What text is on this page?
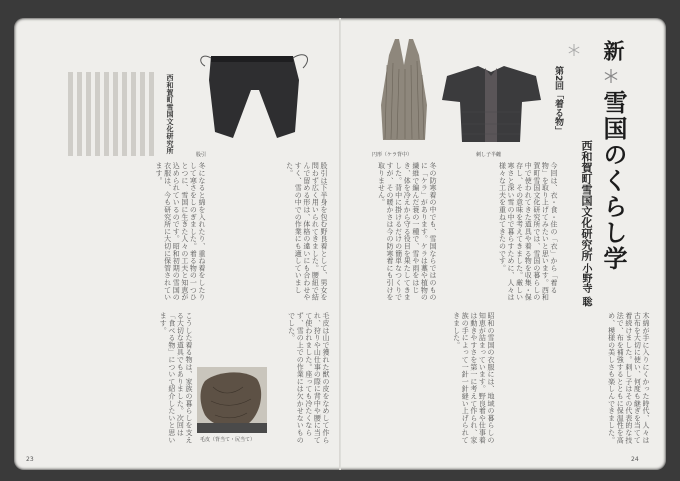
新
雪国のくらし学
西和賀町雪国文化研究所
小野寺 聡
第2回「着る物」
円形（ケラ背中）	刺し子半纏
今回は、衣・食・住の「衣」から「着る物」を取り上げてみたいと思います。西和賀町雪国文化研究所では、雪国の暮らしの中で使われてきた道具や着る物を収集・保存し、その意味を考えてきました。厳しい寒さと深い雪の中で暮らすために、人々は様々な工夫を重ねてきたのです。
冬の防寒着の中でも、雪国ならではのものに「ケラ」があります。ケラは藁や植物の繊維で編んだ蓑の一種で、雪や雨をはじき、体を冷えから守る役目を果たしてきました。背中に掛けるだけの簡単なつくりですが、その暖かさは今の防寒着にも引けを取りません。
木綿が手に入りにくかった時代、人々は古布を大切に使い、何度も継ぎを当てて着続けました。刺し子はその代表的な技法で、布を補強するとともに保温性を高め、模様の美しさも楽しんできました。
昭和の雪国の衣服には、地域の暮らしの知恵が詰まっています。野良着や仕事着は動きやすさを第一に考えて作られ、家族の手によって一針一針縫い上げられてきました。
24
西和賀町雪国文化研究所
股引
股引は下半身を包む野良着として、男女を問わず広く用いられてきました。腰紐で結んで留める形は、体格の違いにも合わせやすく、雪の中での作業にも適していました。
冬になると綿を入れたり、重ね着をしたりして寒さをしのぎました。着る物の一つひとつに、雪国に生きた人々の工夫と知恵が込められているのです。昭和初期の雪国の衣服は、今も研究所に大切に保管されています。
毛皮は山で獲れた獣の皮をなめして作られ、狩りや山仕事の際に背中や腰に当てて使われました。座っても冷たくならず、雪の上での作業には欠かせないものでした。
こうした着る物は、家族の暮らしを支える大切な道具でもありました。次回は「食べる物」について紹介したいと思います。
毛皮（背当て・尻当て）
23
